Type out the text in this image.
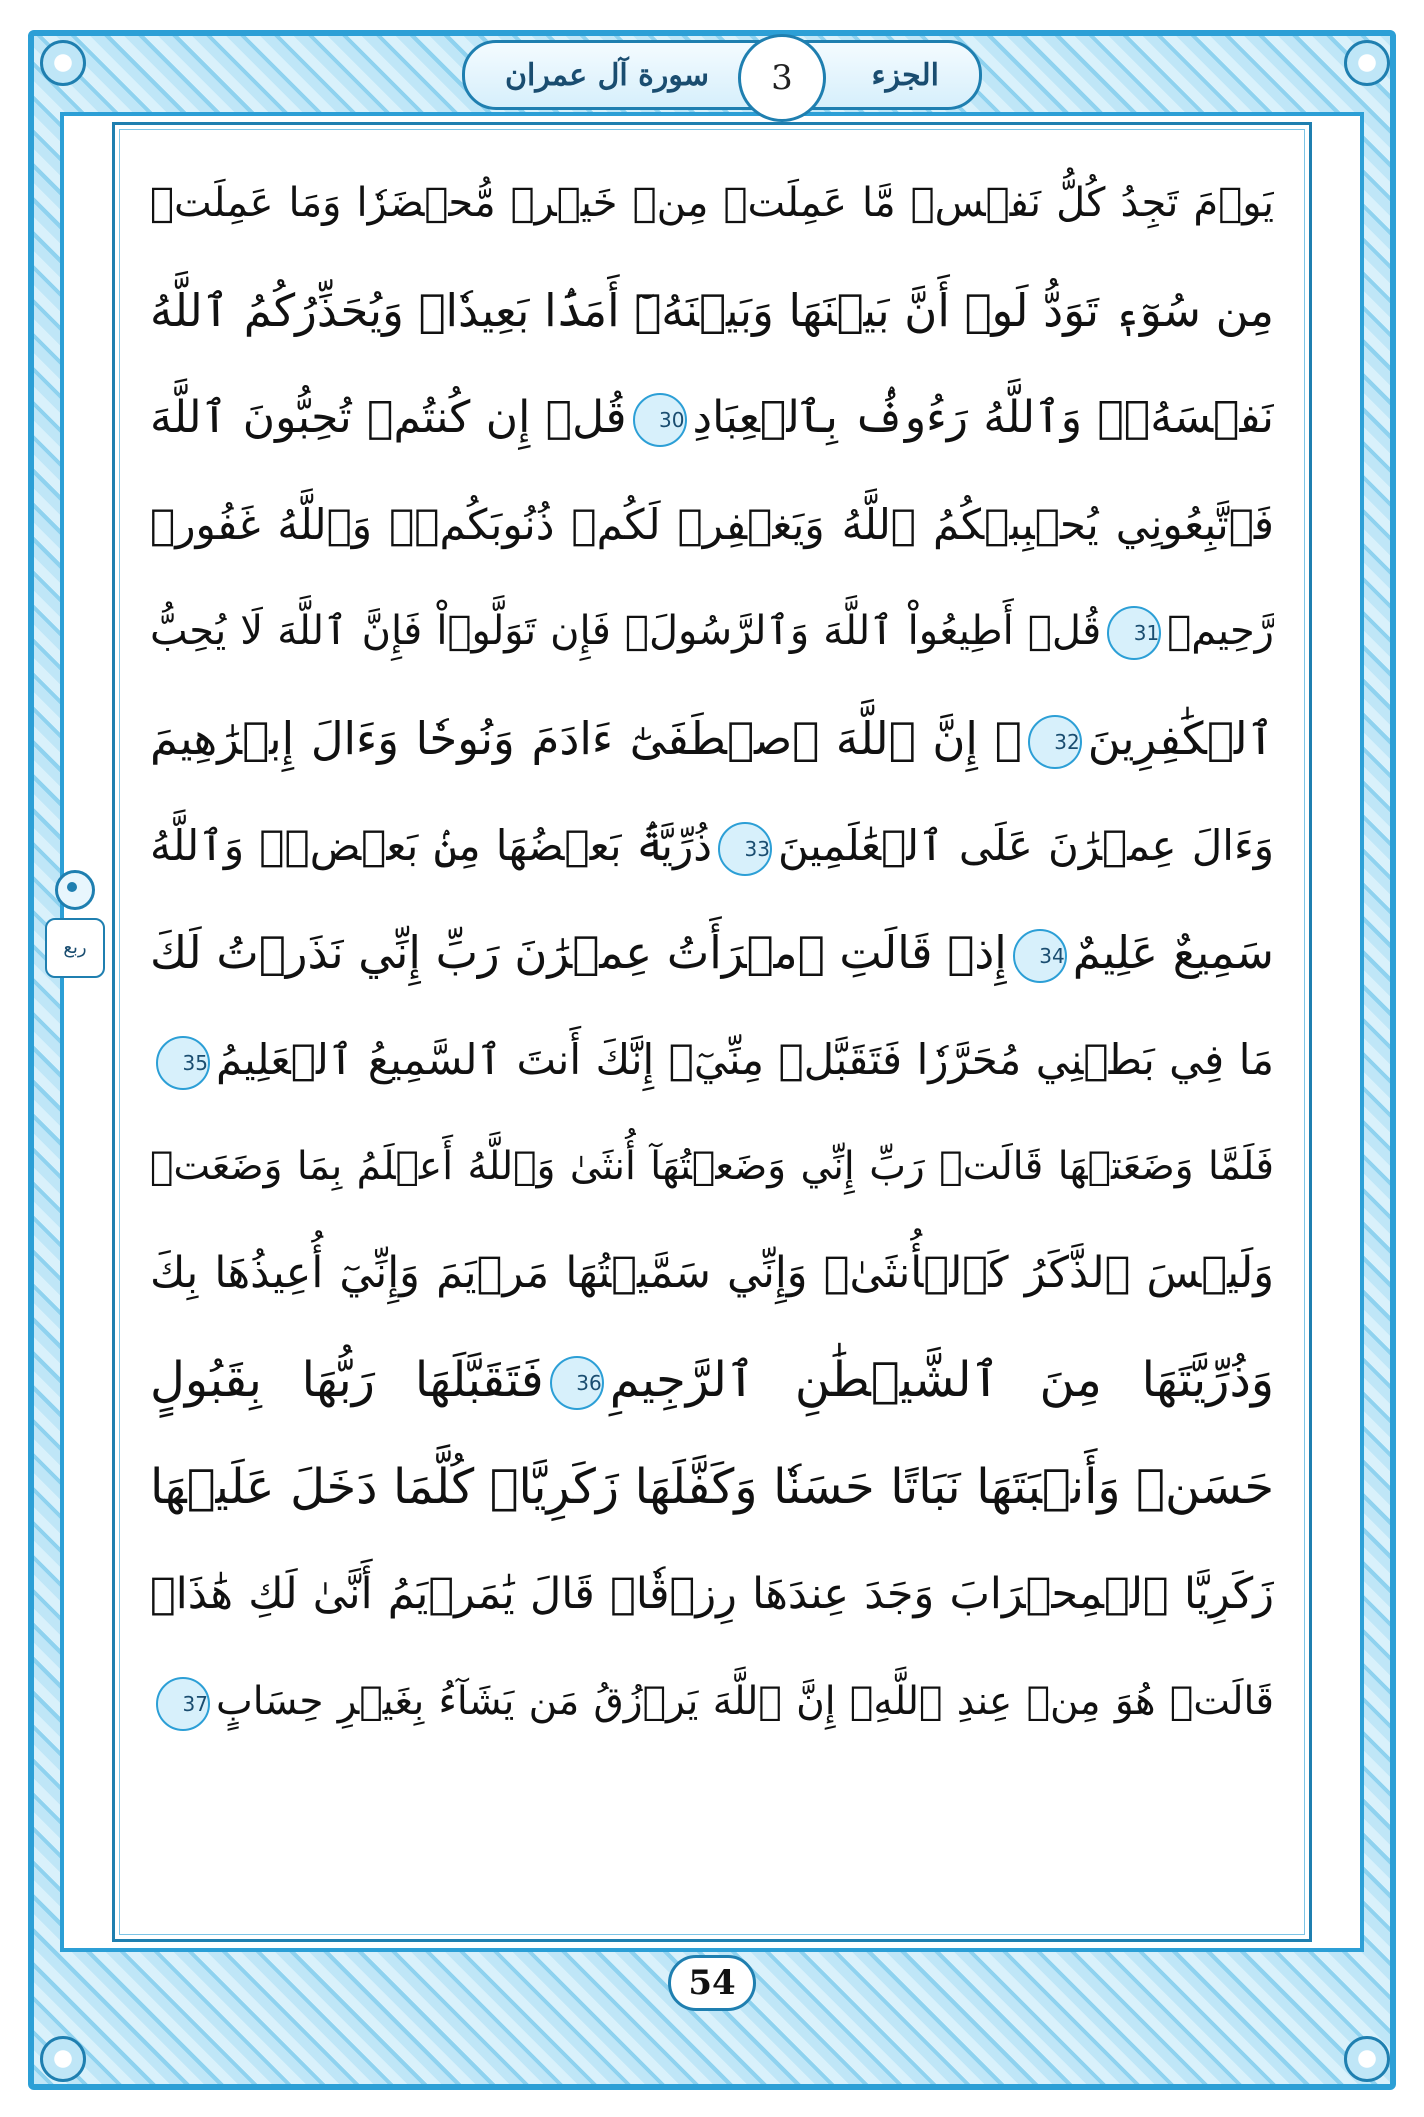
الجزء
سورة آل عمران	3
ربع
يَوۡمَ تَجِدُ كُلُّ نَفۡسٖ مَّا عَمِلَتۡ مِنۡ خَيۡرٖ مُّحۡضَرٗا وَمَا عَمِلَتۡ
مِن سُوٓءٖ تَوَدُّ لَوۡ أَنَّ بَيۡنَهَا وَبَيۡنَهُۥٓ أَمَدَۢا بَعِيدٗاۗ وَيُحَذِّرُكُمُ ٱللَّهُ
نَفۡسَهُۥۗ وَٱللَّهُ رَءُوفُۢ بِٱلۡعِبَادِ30قُلۡ إِن كُنتُمۡ تُحِبُّونَ ٱللَّهَ
فَٱتَّبِعُونِي يُحۡبِبۡكُمُ ٱللَّهُ وَيَغۡفِرۡ لَكُمۡ ذُنُوبَكُمۡۚ وَٱللَّهُ غَفُورٞ
رَّحِيمٞ31قُلۡ أَطِيعُواْ ٱللَّهَ وَٱلرَّسُولَۖ فَإِن تَوَلَّوۡاْ فَإِنَّ ٱللَّهَ لَا يُحِبُّ
ٱلۡكَٰفِرِينَ32۞ إِنَّ ٱللَّهَ ٱصۡطَفَىٰٓ ءَادَمَ وَنُوحٗا وَءَالَ إِبۡرَٰهِيمَ
وَءَالَ عِمۡرَٰنَ عَلَى ٱلۡعَٰلَمِينَ33ذُرِّيَّةَۢ بَعۡضُهَا مِنۢ بَعۡضٖۗ وَٱللَّهُ
سَمِيعٌ عَلِيمٌ34إِذۡ قَالَتِ ٱمۡرَأَتُ عِمۡرَٰنَ رَبِّ إِنِّي نَذَرۡتُ لَكَ
مَا فِي بَطۡنِي مُحَرَّرٗا فَتَقَبَّلۡ مِنِّيٓۖ إِنَّكَ أَنتَ ٱلسَّمِيعُ ٱلۡعَلِيمُ35
فَلَمَّا وَضَعَتۡهَا قَالَتۡ رَبِّ إِنِّي وَضَعۡتُهَآ أُنثَىٰ وَٱللَّهُ أَعۡلَمُ بِمَا وَضَعَتۡ
وَلَيۡسَ ٱلذَّكَرُ كَٱلۡأُنثَىٰۖ وَإِنِّي سَمَّيۡتُهَا مَرۡيَمَ وَإِنِّيٓ أُعِيذُهَا بِكَ
وَذُرِّيَّتَهَا مِنَ ٱلشَّيۡطَٰنِ ٱلرَّجِيمِ36فَتَقَبَّلَهَا رَبُّهَا بِقَبُولٍ
حَسَنٖ وَأَنۢبَتَهَا نَبَاتًا حَسَنٗا وَكَفَّلَهَا زَكَرِيَّاۖ كُلَّمَا دَخَلَ عَلَيۡهَا
زَكَرِيَّا ٱلۡمِحۡرَابَ وَجَدَ عِندَهَا رِزۡقٗاۖ قَالَ يَٰمَرۡيَمُ أَنَّىٰ لَكِ هَٰذَاۖ
قَالَتۡ هُوَ مِنۡ عِندِ ٱللَّهِۖ إِنَّ ٱللَّهَ يَرۡزُقُ مَن يَشَآءُ بِغَيۡرِ حِسَابٍ37
54
